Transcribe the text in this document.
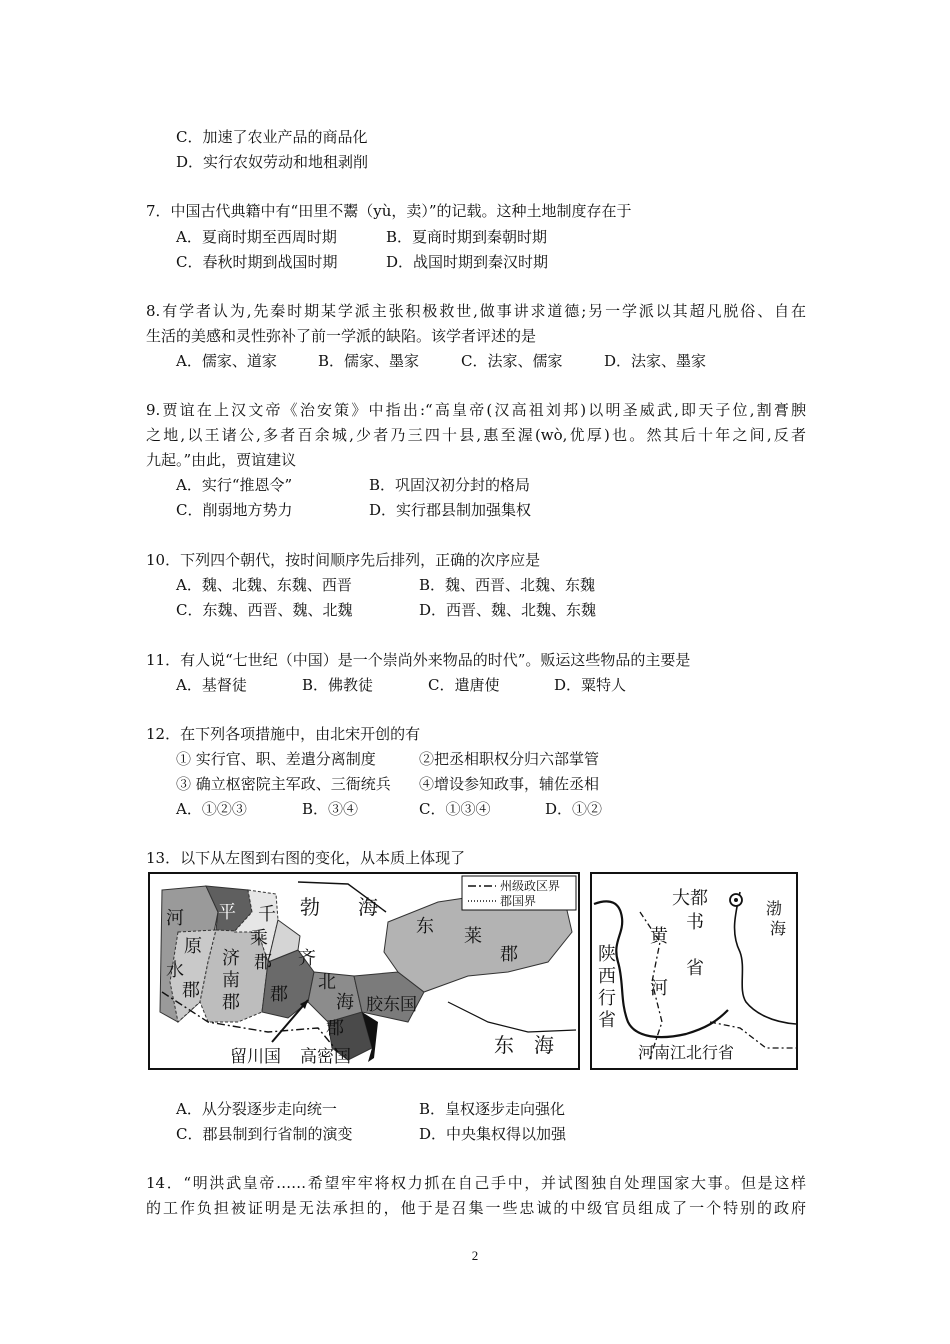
C．加速了农业产品的商品化
D．实行农奴劳动和地租剥削
7．中国古代典籍中有“田里不鬻（yù，卖）”的记载。这种土地制度存在于
A．夏商时期至西周时期	B．夏商时期到秦朝时期
C．春秋时期到战国时期	D．战国时期到秦汉时期
8.有学者认为,先秦时期某学派主张积极救世,做事讲求道德;另一学派以其超凡脱俗、自在
生活的美感和灵性弥补了前一学派的缺陷。该学者评述的是
A．儒家、道家	B．儒家、墨家	C．法家、儒家	D．法家、墨家
9.贾谊在上汉文帝《治安策》中指出:“高皇帝(汉高祖刘邦)以明圣威武,即天子位,割膏腴
之地,以王诸公,多者百余城,少者乃三四十县,惠至渥(wò,优厚)也。然其后十年之间,反者
九起。”由此，贾谊建议
A．实行“推恩令”	B．巩固汉初分封的格局
C．削弱地方势力	D．实行郡县制加强集权
10．下列四个朝代，按时间顺序先后排列，正确的次序应是
A．魏、北魏、东魏、西晋	B．魏、西晋、北魏、东魏
C．东魏、西晋、魏、北魏	D．西晋、魏、北魏、东魏
11．有人说“七世纪（中国）是一个崇尚外来物品的时代”。贩运这些物品的主要是
A．基督徒	B．佛教徒	C．遣唐使	D．粟特人
12．在下列各项措施中，由北宋开创的有
① 实行官、职、差遣分离制度	②把丞相职权分归六部掌管
③ 确立枢密院主军政、三衙统兵 ④增设参知政事，辅佐丞相
A．①②③	B．③④	C．①③④	D．①②
13．以下从左图到右图的变化，从本质上体现了
州级政区界
郡国界
勃 海
河 平 千
原	乘
郡
水
郡
济
南
郡
齐
郡
北
海
郡
胶东国
东 莱
郡
留川国 高密国	东 海
大都
书
省
黄
河
渤
海
陕
西
行
省
河南江北行省
A．从分裂逐步走向统一	B．皇权逐步走向强化
C．郡县制到行省制的演变	D．中央集权得以加强
14．“明洪武皇帝……希望牢牢将权力抓在自己手中，并试图独自处理国家大事。但是这样
的工作负担被证明是无法承担的，他于是召集一些忠诚的中级官员组成了一个特别的政府
2
